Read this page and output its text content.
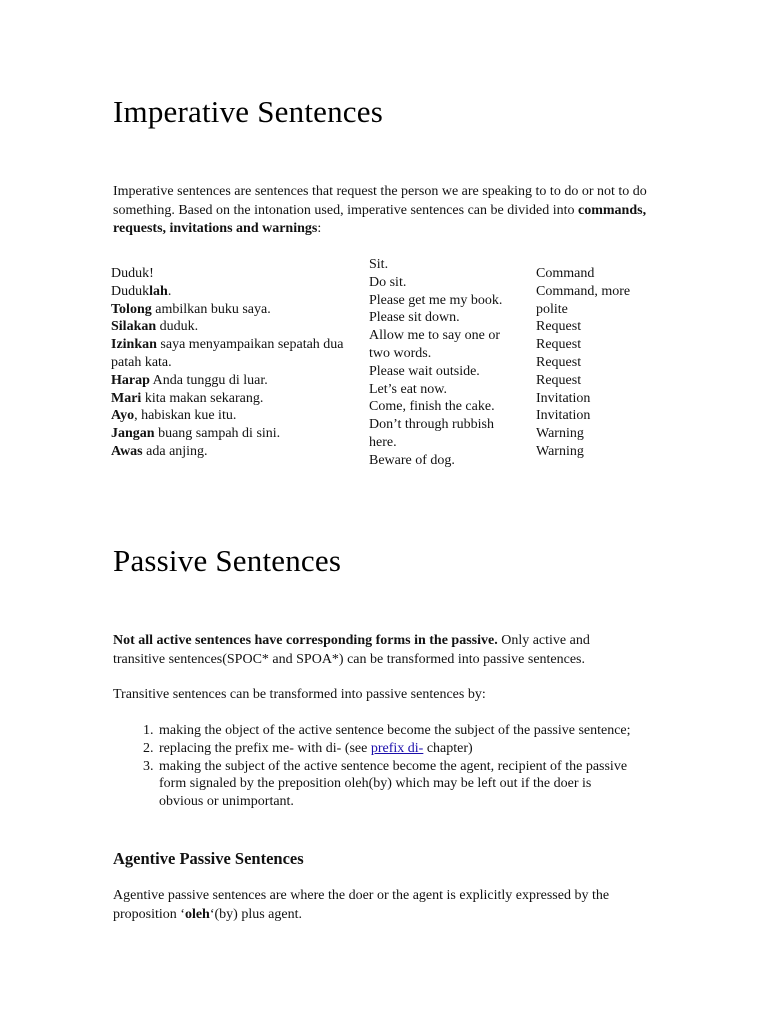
Imperative Sentences

Imperative sentences are sentences that request the person we are speaking to to do or not to do something. Based on the intonation used, imperative sentences can be divided into commands, requests, invitations and warnings:

Duduk!
Duduklah.
Tolong ambilkan buku saya.
Silakan duduk.
Izinkan saya menyampaikan sepatah dua patah kata.
Harap Anda tunggu di luar.
Mari kita makan sekarang.
Ayo, habiskan kue itu.
Jangan buang sampah di sini.
Awas ada anjing.
Sit.
Do sit.
Please get me my book.
Please sit down.
Allow me to say one or two words.
Please wait outside.
Let’s eat now.
Come, finish the cake.
Don’t through rubbish here.
Beware of dog.
Command
Command, more polite
Request
Request
Request
Request
Invitation
Invitation
Warning
Warning
Passive Sentences

Not all active sentences have corresponding forms in the passive. Only active and transitive sentences(SPOC* and SPOA*) can be transformed into passive sentences.

Transitive sentences can be transformed into passive sentences by:

1. making the object of the active sentence become the subject of the passive sentence;
2. replacing the prefix me- with di- (see prefix di- chapter)
3. making the subject of the active sentence become the agent, recipient of the passive form signaled by the preposition oleh(by) which may be left out if the doer is obvious or unimportant.
Agentive Passive Sentences

Agentive passive sentences are where the doer or the agent is explicitly expressed by the proposition ‘oleh‘(by) plus agent.
